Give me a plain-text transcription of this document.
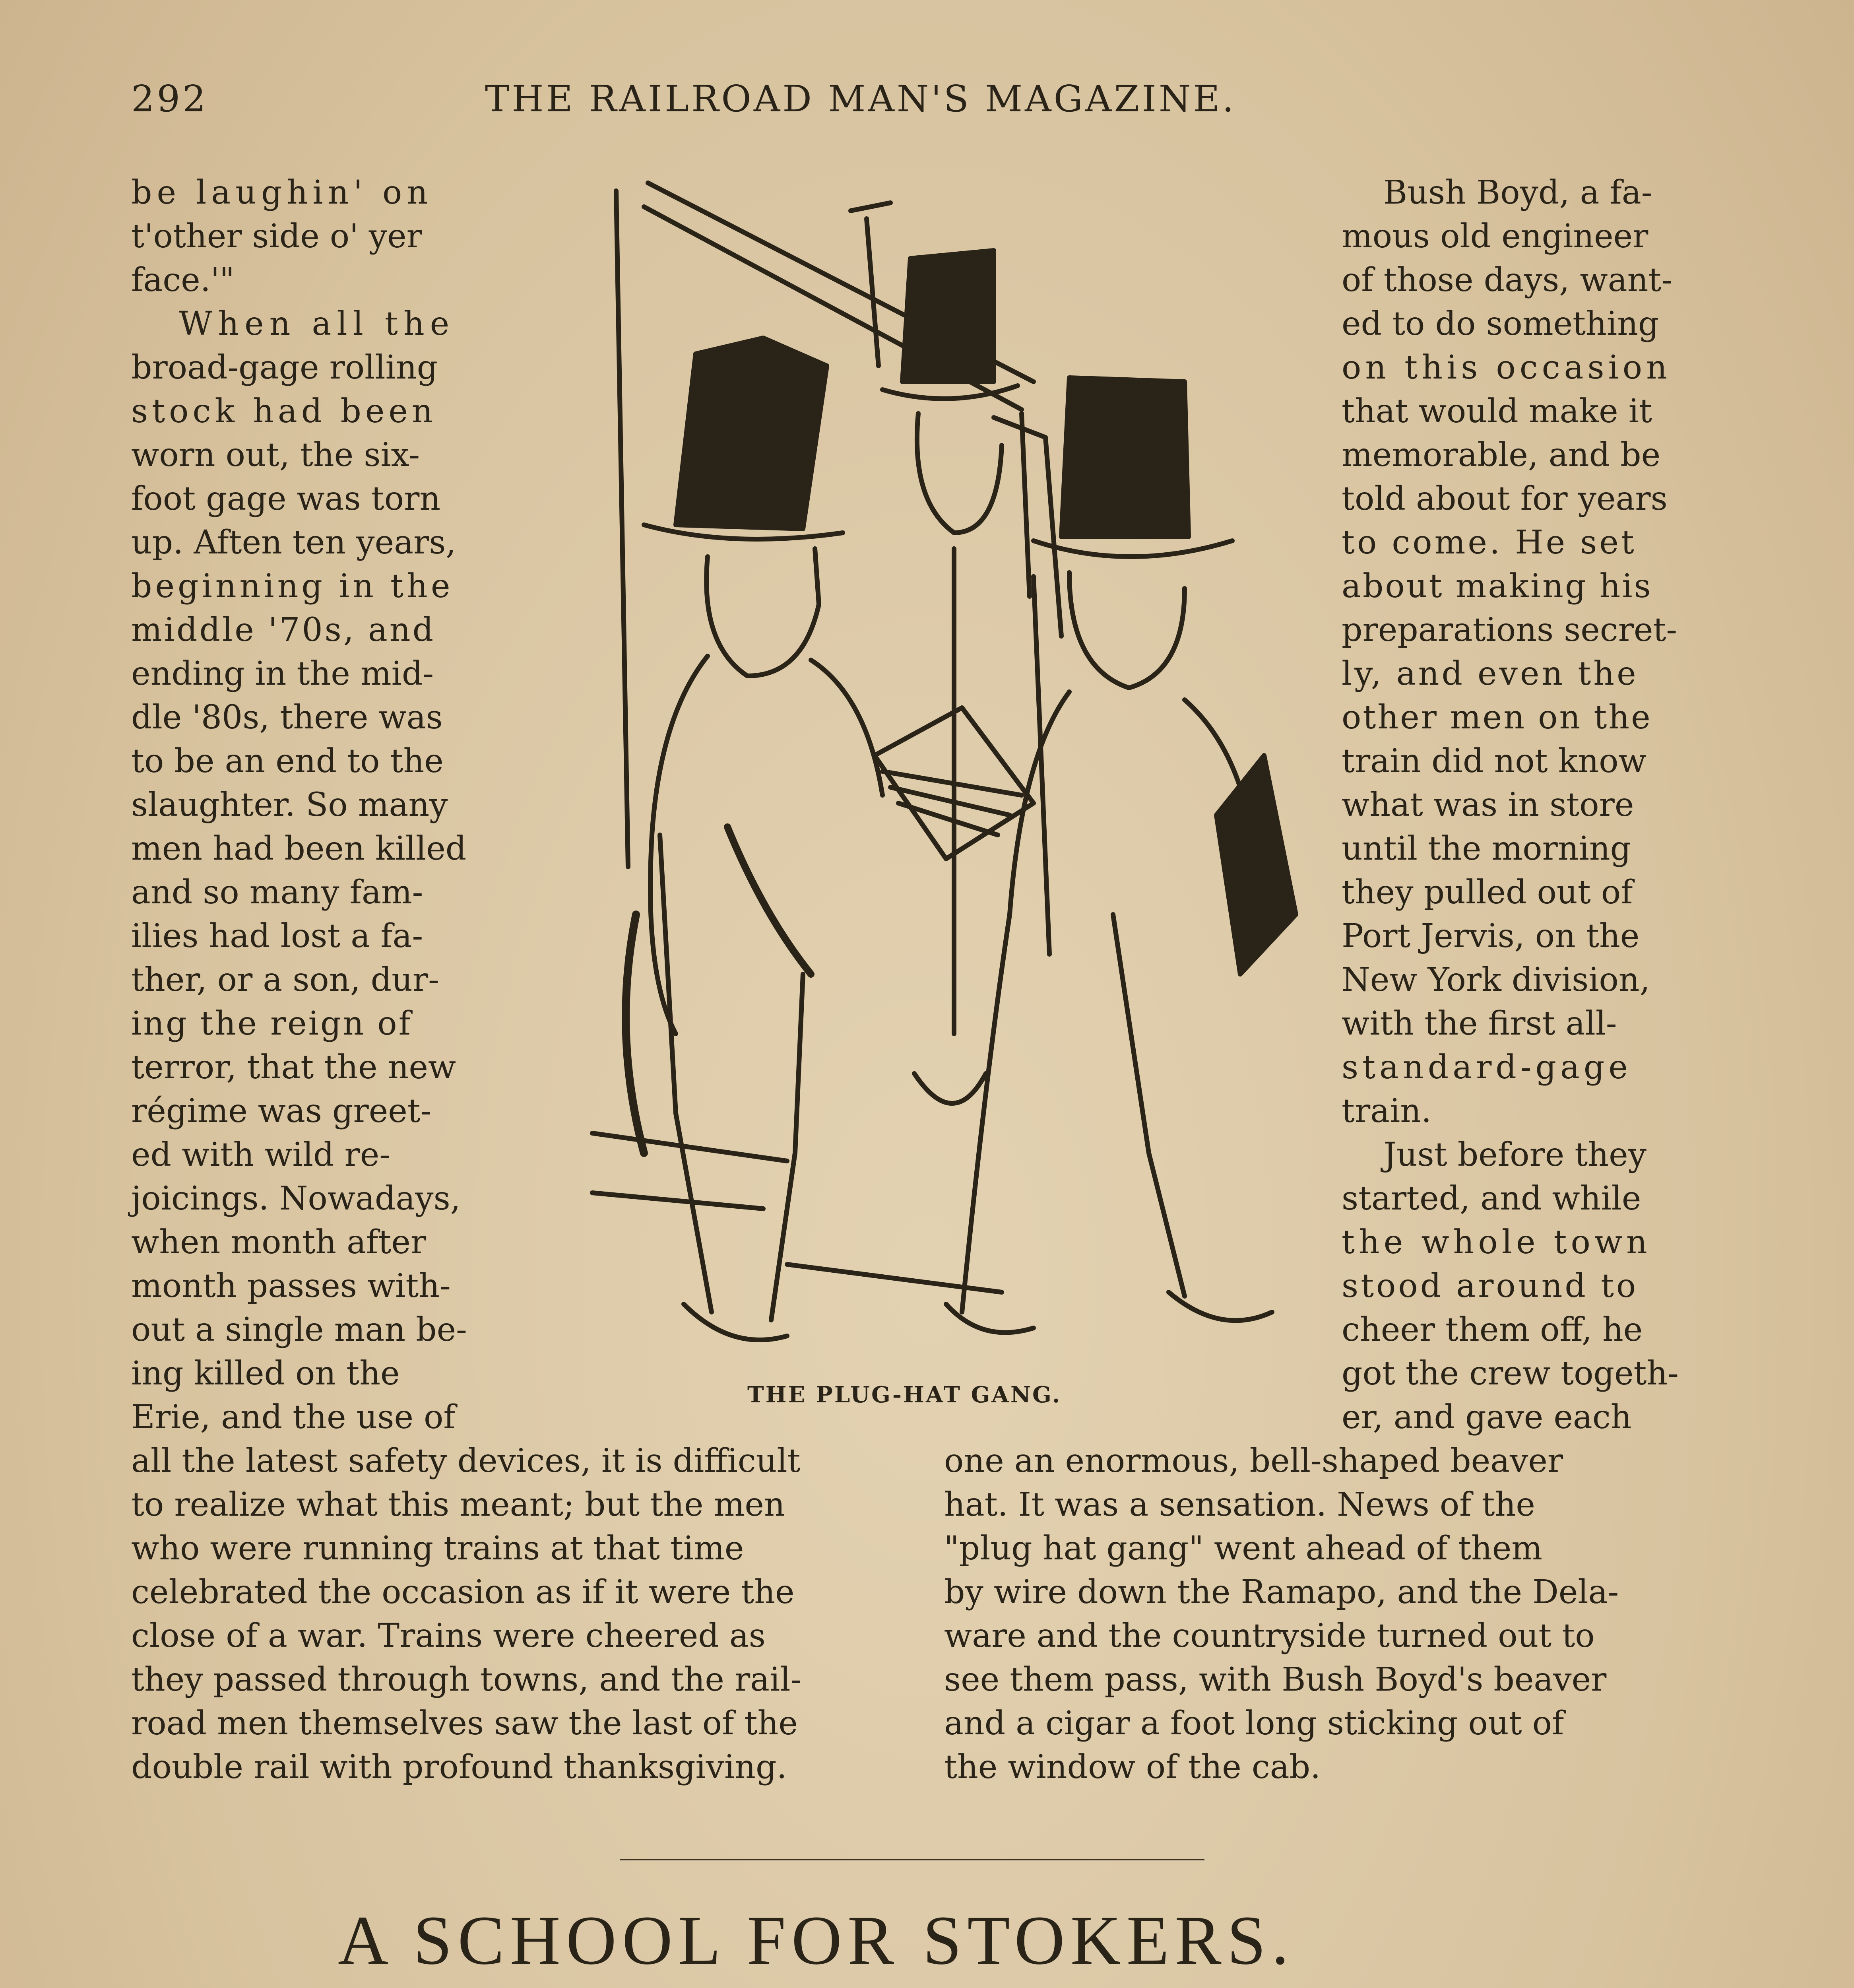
292	THE RAILROAD MAN'S MAGAZINE.
be laughin' on
t'other side o' yer
face.'"
When all the
broad-gage rolling
stock had been
worn out, the six-
foot gage was torn
up. Aften ten years,
beginning in the
middle '70s, and
ending in the mid-
dle '80s, there was
to be an end to the
slaughter. So many
men had been killed
and so many fam-
ilies had lost a fa-
ther, or a son, dur-
ing the reign of
terror, that the new
régime was greet-
ed with wild re-
joicings. Nowadays,
when month after
month passes with-
out a single man be-
ing killed on the
Erie, and the use of
THE PLUG-HAT GANG.
Bush Boyd, a fa-
mous old engineer
of those days, want-
ed to do something
on this occasion
that would make it
memorable, and be
told about for years
to come. He set
about making his
preparations secret-
ly, and even the
other men on the
train did not know
what was in store
until the morning
they pulled out of
Port Jervis, on the
New York division,
with the first all-
standard-gage
train.
Just before they
started, and while
the whole town
stood around to
cheer them off, he
got the crew togeth-
er, and gave each
all the latest safety devices, it is difficult
to realize what this meant; but the men
who were running trains at that time
celebrated the occasion as if it were the
close of a war. Trains were cheered as
they passed through towns, and the rail-
road men themselves saw the last of the
double rail with profound thanksgiving.
one an enormous, bell-shaped beaver
hat. It was a sensation. News of the
"plug hat gang" went ahead of them
by wire down the Ramapo, and the Dela-
ware and the countryside turned out to
see them pass, with Bush Boyd's beaver
and a cigar a foot long sticking out of
the window of the cab.
A SCHOOL FOR STOKERS.
